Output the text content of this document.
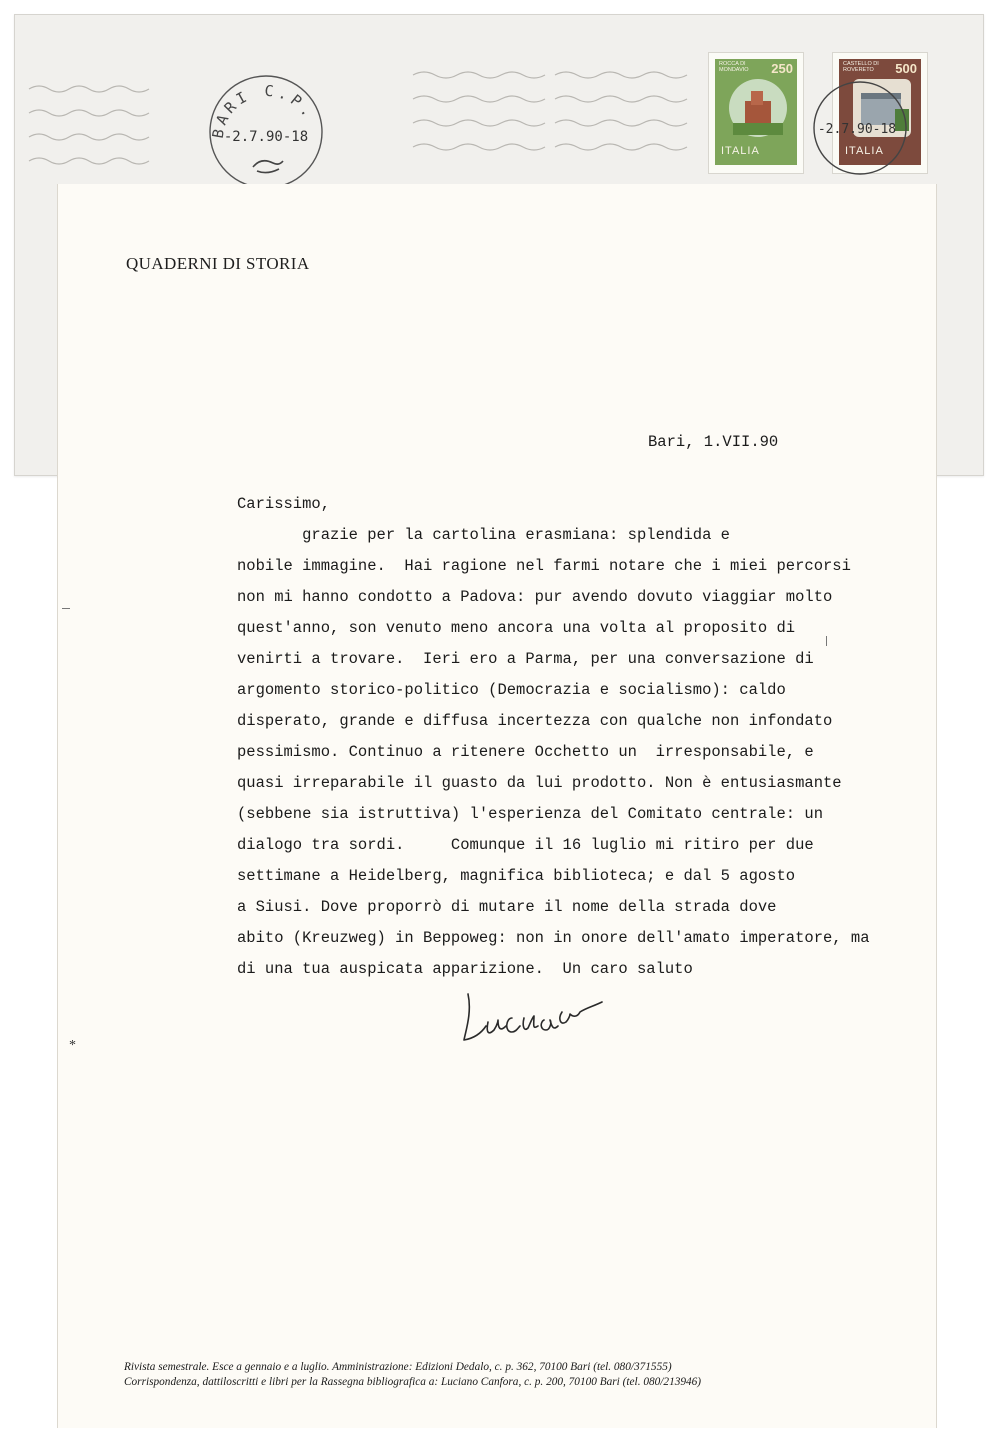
BARI C.P.
-2.7.90-18
ROCCA DI MONDAVIO	250
ITALIA
CASTELLO DI ROVERETO	500
ITALIA
-2.7.90-18
QUADERNI DI STORIA
Bari, 1.VII.90
Carissimo,
grazie per la cartolina erasmiana: splendida e
nobile immagine.  Hai ragione nel farmi notare che i miei percorsi
non mi hanno condotto a Padova: pur avendo dovuto viaggiar molto
quest'anno, son venuto meno ancora una volta al proposito di
venirti a trovare.  Ieri ero a Parma, per una conversazione di
argomento storico-politico (Democrazia e socialismo): caldo
disperato, grande e diffusa incertezza con qualche non infondato
pessimismo. Continuo a ritenere Occhetto un  irresponsabile, e
quasi irreparabile il guasto da lui prodotto. Non è entusiasmante
(sebbene sia istruttiva) l'esperienza del Comitato centrale: un
dialogo tra sordi.     Comunque il 16 luglio mi ritiro per due
settimane a Heidelberg, magnifica biblioteca; e dal 5 agosto
a Siusi. Dove proporrò di mutare il nome della strada dove
abito (Kreuzweg) in Beppoweg: non in onore dell'amato imperatore, ma
di una tua auspicata apparizione.  Un caro saluto
*
Rivista semestrale. Esce a gennaio e a luglio. Amministrazione: Edizioni Dedalo, c. p. 362, 70100 Bari (tel. 080/371555)
Corrispondenza, dattiloscritti e libri per la Rassegna bibliografica a: Luciano Canfora, c. p. 200, 70100 Bari (tel. 080/213946)
